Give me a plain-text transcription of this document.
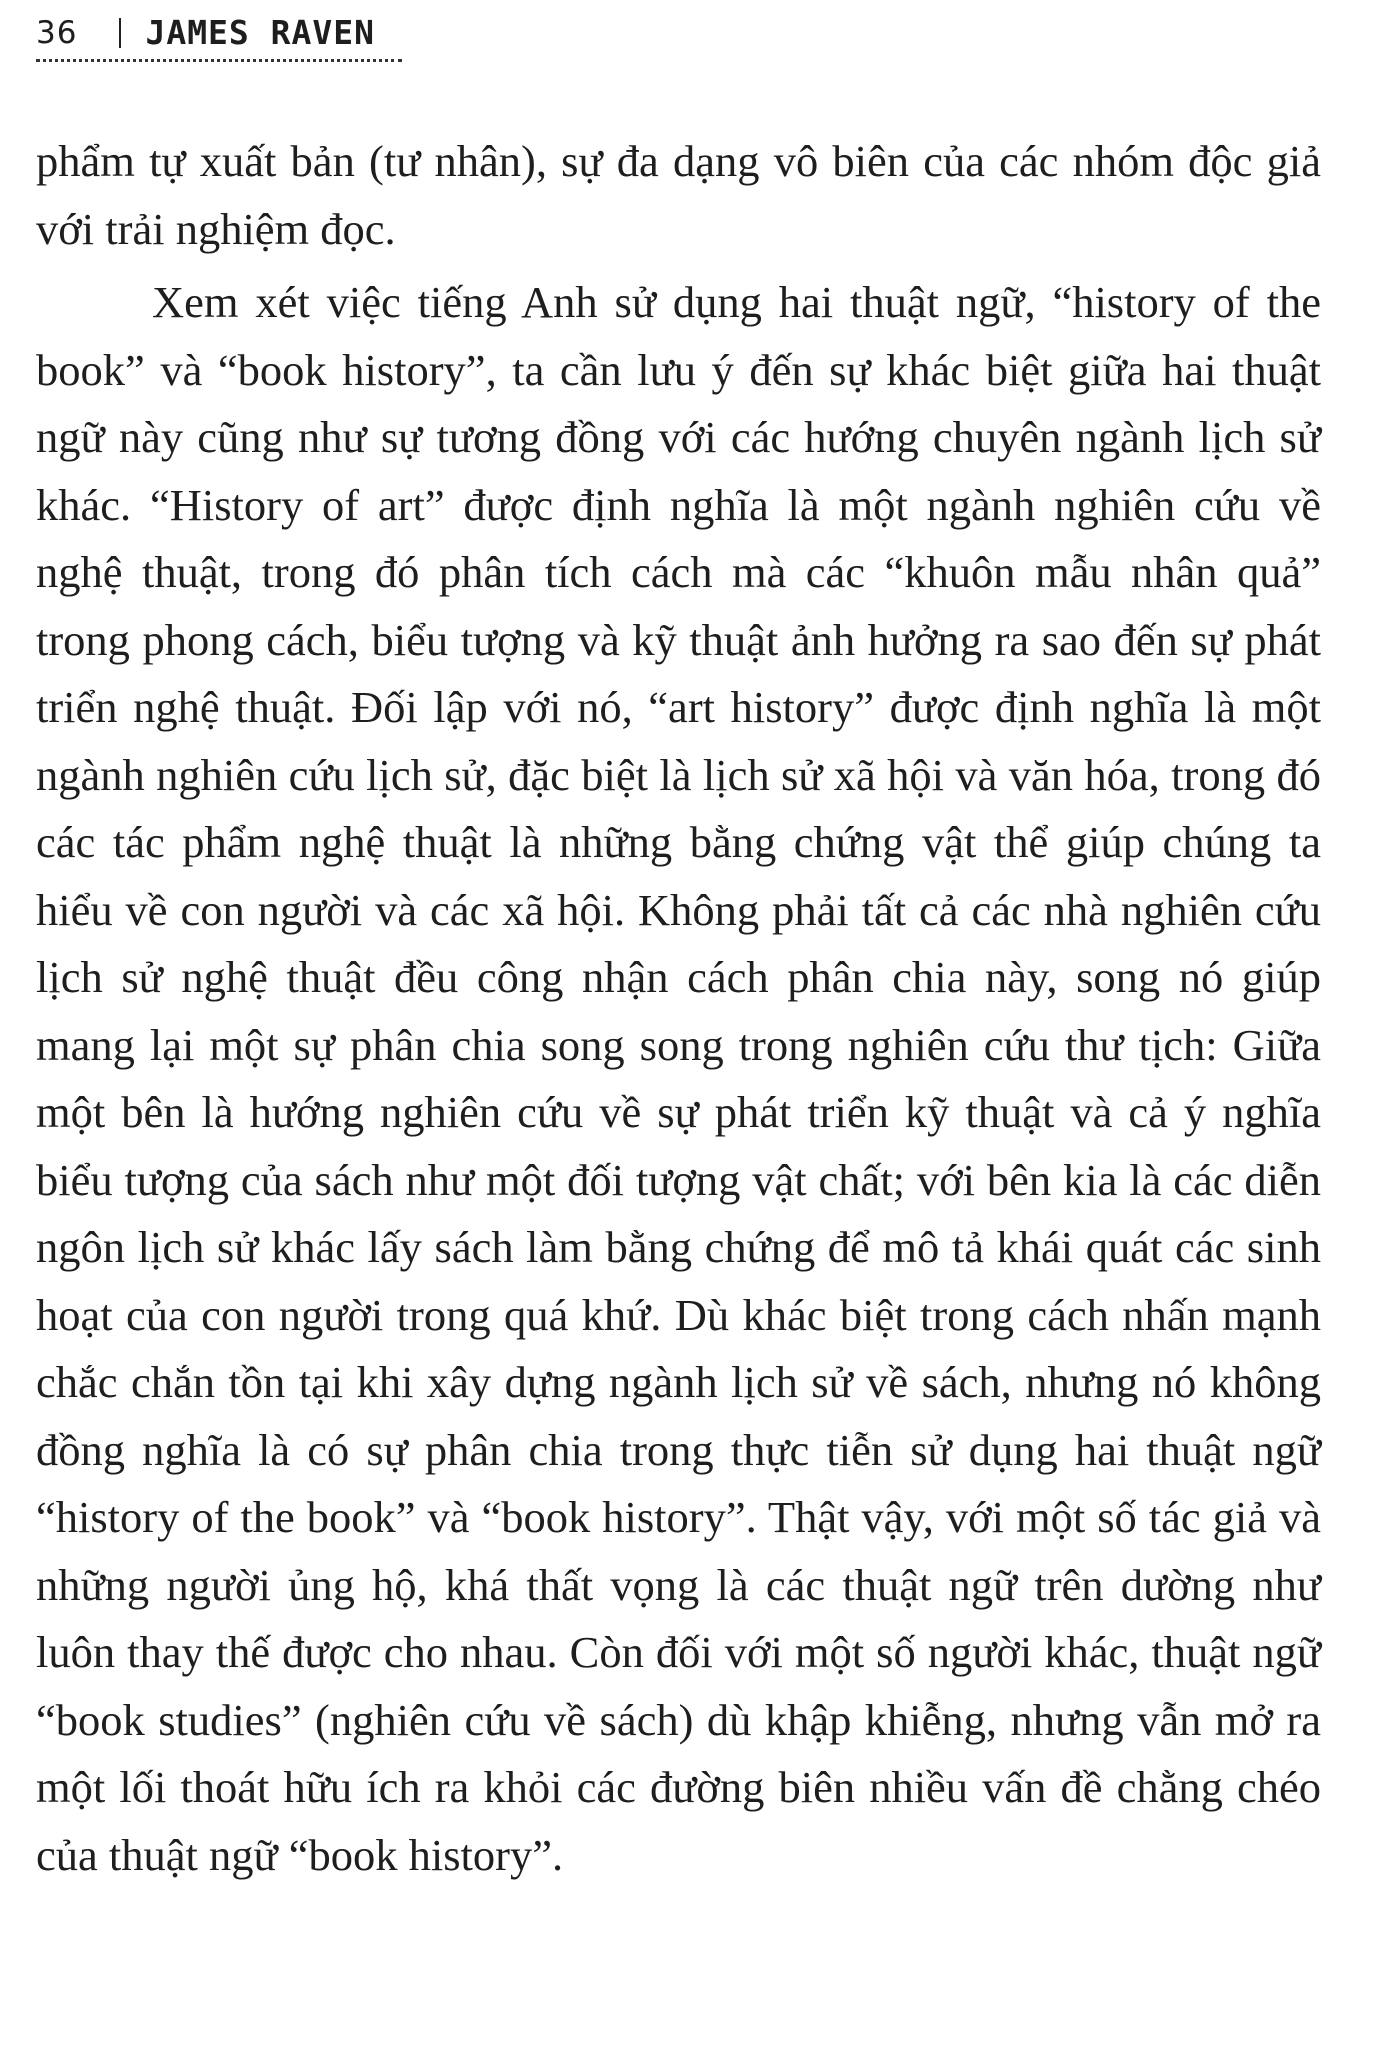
36 JAMES RAVEN

phẩm tự xuất bản (tư nhân), sự đa dạng vô biên của các nhóm độc giả với trải nghiệm đọc.

Xem xét việc tiếng Anh sử dụng hai thuật ngữ, “history of the book” và “book history”, ta cần lưu ý đến sự khác biệt giữa hai thuật ngữ này cũng như sự tương đồng với các hướng chuyên ngành lịch sử khác. “History of art” được định nghĩa là một ngành nghiên cứu về nghệ thuật, trong đó phân tích cách mà các “khuôn mẫu nhân quả” trong phong cách, biểu tượng và kỹ thuật ảnh hưởng ra sao đến sự phát triển nghệ thuật. Đối lập với nó, “art history” được định nghĩa là một ngành nghiên cứu lịch sử, đặc biệt là lịch sử xã hội và văn hóa, trong đó các tác phẩm nghệ thuật là những bằng chứng vật thể giúp chúng ta hiểu về con người và các xã hội. Không phải tất cả các nhà nghiên cứu lịch sử nghệ thuật đều công nhận cách phân chia này, song nó giúp mang lại một sự phân chia song song trong nghiên cứu thư tịch: Giữa một bên là hướng nghiên cứu về sự phát triển kỹ thuật và cả ý nghĩa biểu tượng của sách như một đối tượng vật chất; với bên kia là các diễn ngôn lịch sử khác lấy sách làm bằng chứng để mô tả khái quát các sinh hoạt của con người trong quá khứ. Dù khác biệt trong cách nhấn mạnh chắc chắn tồn tại khi xây dựng ngành lịch sử về sách, nhưng nó không đồng nghĩa là có sự phân chia trong thực tiễn sử dụng hai thuật ngữ “history of the book” và “book history”. Thật vậy, với một số tác giả và những người ủng hộ, khá thất vọng là các thuật ngữ trên dường như luôn thay thế được cho nhau. Còn đối với một số người khác, thuật ngữ “book studies” (nghiên cứu về sách) dù khập khiễng, nhưng vẫn mở ra một lối thoát hữu ích ra khỏi các đường biên nhiều vấn đề chằng chéo của thuật ngữ “book history”.
